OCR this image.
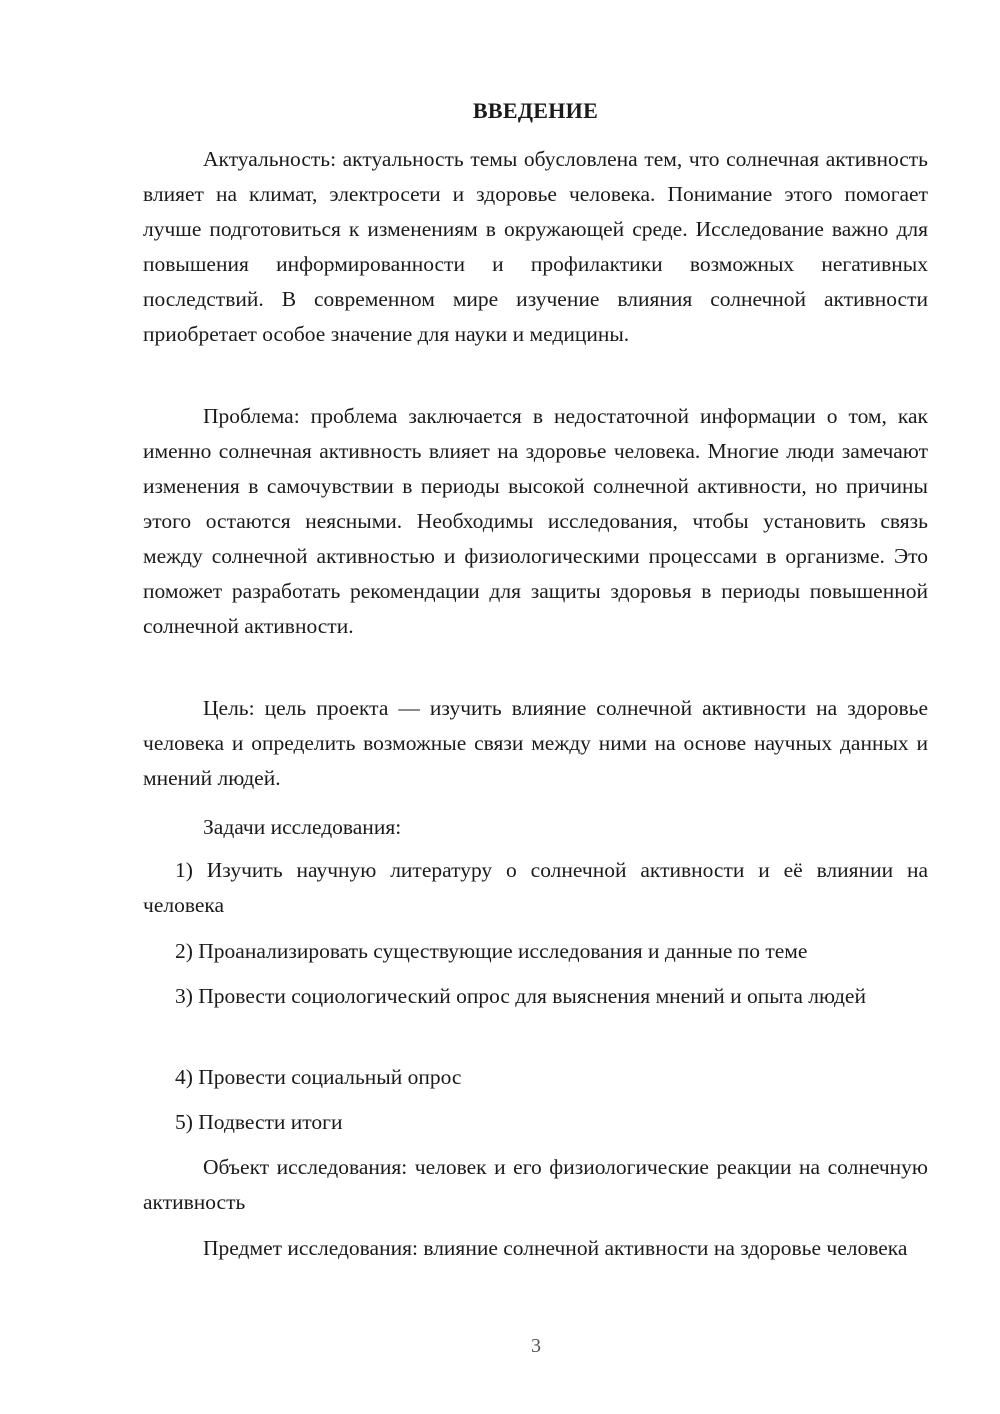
ВВЕДЕНИЕ

Актуальность: актуальность темы обусловлена тем, что солнечная активность влияет на климат, электросети и здоровье человека. Понимание этого помогает лучше подготовиться к изменениям в окружающей среде. Исследование важно для повышения информированности и профилактики возможных негативных последствий. В современном мире изучение влияния солнечной активности приобретает особое значение для науки и медицины.

Проблема: проблема заключается в недостаточной информации о том, как именно солнечная активность влияет на здоровье человека. Многие люди замечают изменения в самочувствии в периоды высокой солнечной активности, но причины этого остаются неясными. Необходимы исследования, чтобы установить связь между солнечной активностью и физиологическими процессами в организме. Это поможет разработать рекомендации для защиты здоровья в периоды повышенной солнечной активности.

Цель: цель проекта — изучить влияние солнечной активности на здоровье человека и определить возможные связи между ними на основе научных данных и мнений людей.

Задачи исследования:

1) Изучить научную литературу о солнечной активности и её влиянии на человека

2) Проанализировать существующие исследования и данные по теме

3) Провести социологический опрос для выяснения мнений и опыта людей

4) Провести социальный опрос

5) Подвести итоги

Объект исследования: человек и его физиологические реакции на солнечную активность

Предмет исследования: влияние солнечной активности на здоровье человека

3
